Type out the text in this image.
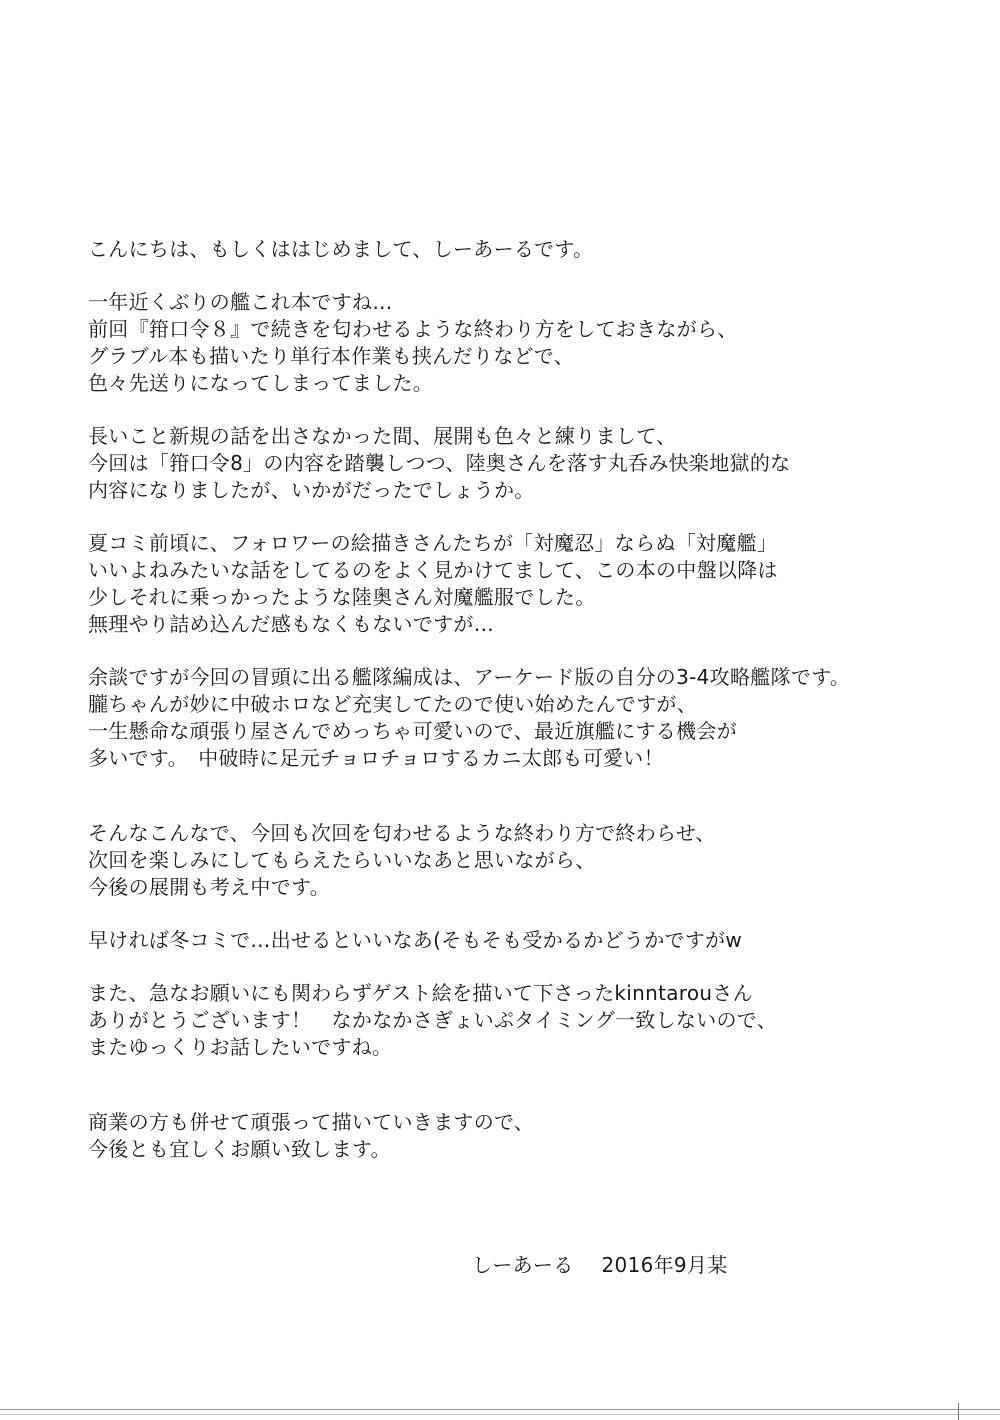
こんにちは、もしくははじめまして、しーあーるです。
一年近くぶりの艦これ本ですね…
前回『箝口令８』で続きを匂わせるような終わり方をしておきながら、
グラブル本も描いたり単行本作業も挟んだりなどで、
色々先送りになってしまってました。
長いこと新規の話を出さなかった間、展開も色々と練りまして、
今回は「箝口令8」の内容を踏襲しつつ、陸奥さんを落す丸呑み快楽地獄的な
内容になりましたが、いかがだったでしょうか。
夏コミ前頃に、フォロワーの絵描きさんたちが「対魔忍」ならぬ「対魔艦」
いいよねみたいな話をしてるのをよく見かけてまして、この本の中盤以降は
少しそれに乗っかったような陸奥さん対魔艦服でした。
無理やり詰め込んだ感もなくもないですが…
余談ですが今回の冒頭に出る艦隊編成は、アーケード版の自分の3-4攻略艦隊です。
朧ちゃんが妙に中破ホロなど充実してたので使い始めたんですが、
一生懸命な頑張り屋さんでめっちゃ可愛いので、最近旗艦にする機会が
多いです。　中破時に足元チョロチョロするカニ太郎も可愛い！
そんなこんなで、今回も次回を匂わせるような終わり方で終わらせ、
次回を楽しみにしてもらえたらいいなあと思いながら、
今後の展開も考え中です。
早ければ冬コミで…出せるといいなあ(そもそも受かるかどうかですがw
また、急なお願いにも関わらずゲスト絵を描いて下さったkinntarouさん
ありがとうございます！　なかなかさぎょいぷタイミング一致しないので、
またゆっくりお話したいですね。
商業の方も併せて頑張って描いていきますので、
今後とも宜しくお願い致します。
しーあーる 2016年9月某
